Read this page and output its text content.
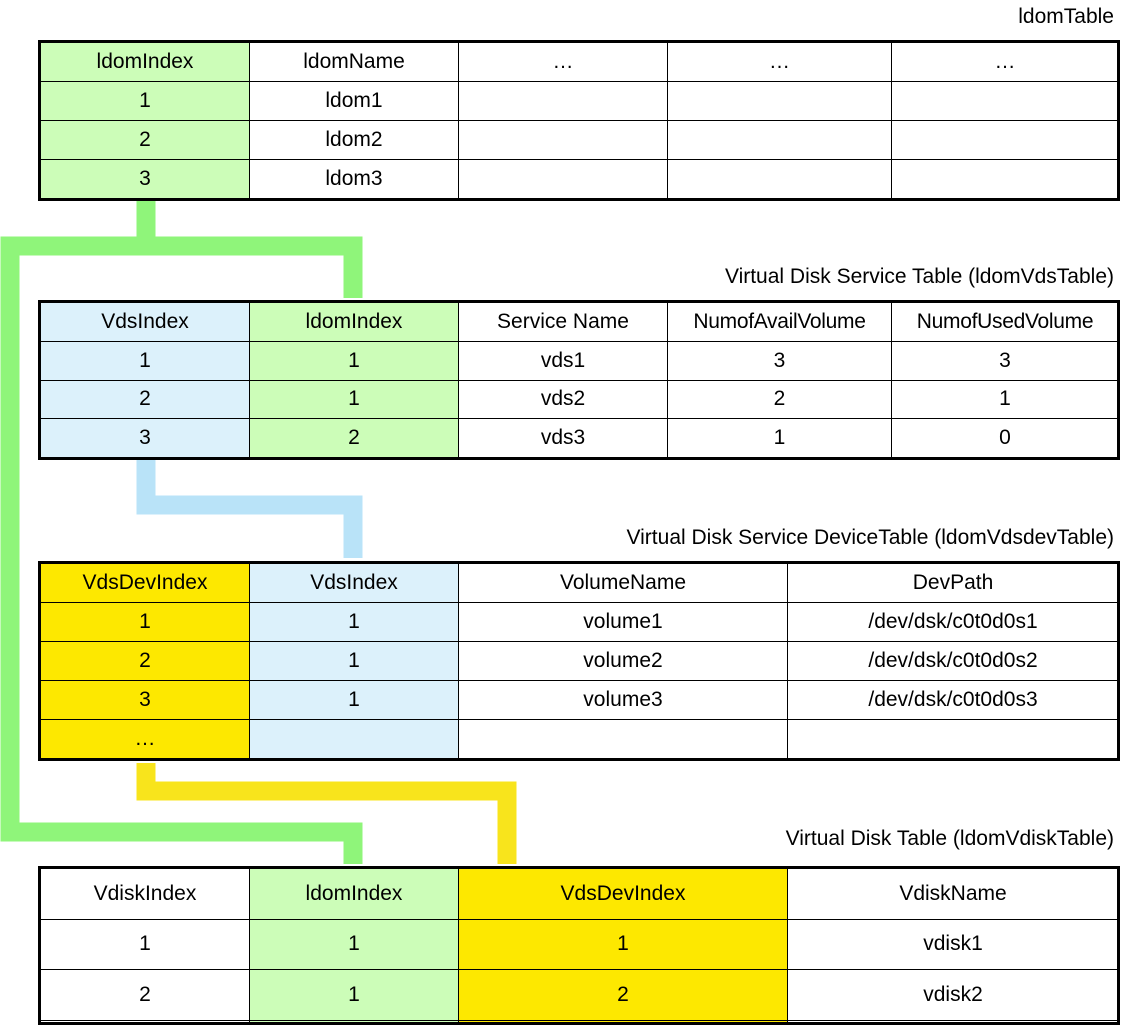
ldomTable
ldomIndex	ldomName	…	…	…
1	ldom1			
2	ldom2			
3	ldom3			
Virtual Disk Service Table (ldomVdsTable)
VdsIndex	ldomIndex	Service Name	NumofAvailVolume	NumofUsedVolume
1	1	vds1	3	3
2	1	vds2	2	1
3	2	vds3	1	0
Virtual Disk Service DeviceTable (ldomVdsdevTable)
VdsDevIndex	VdsIndex	VolumeName	DevPath
1	1	volume1	/dev/dsk/c0t0d0s1
2	1	volume2	/dev/dsk/c0t0d0s2
3	1	volume3	/dev/dsk/c0t0d0s3
…			
Virtual Disk Table (ldomVdiskTable)
VdiskIndex	ldomIndex	VdsDevIndex	VdiskName
1	1	1	vdisk1
2	1	2	vdisk2
